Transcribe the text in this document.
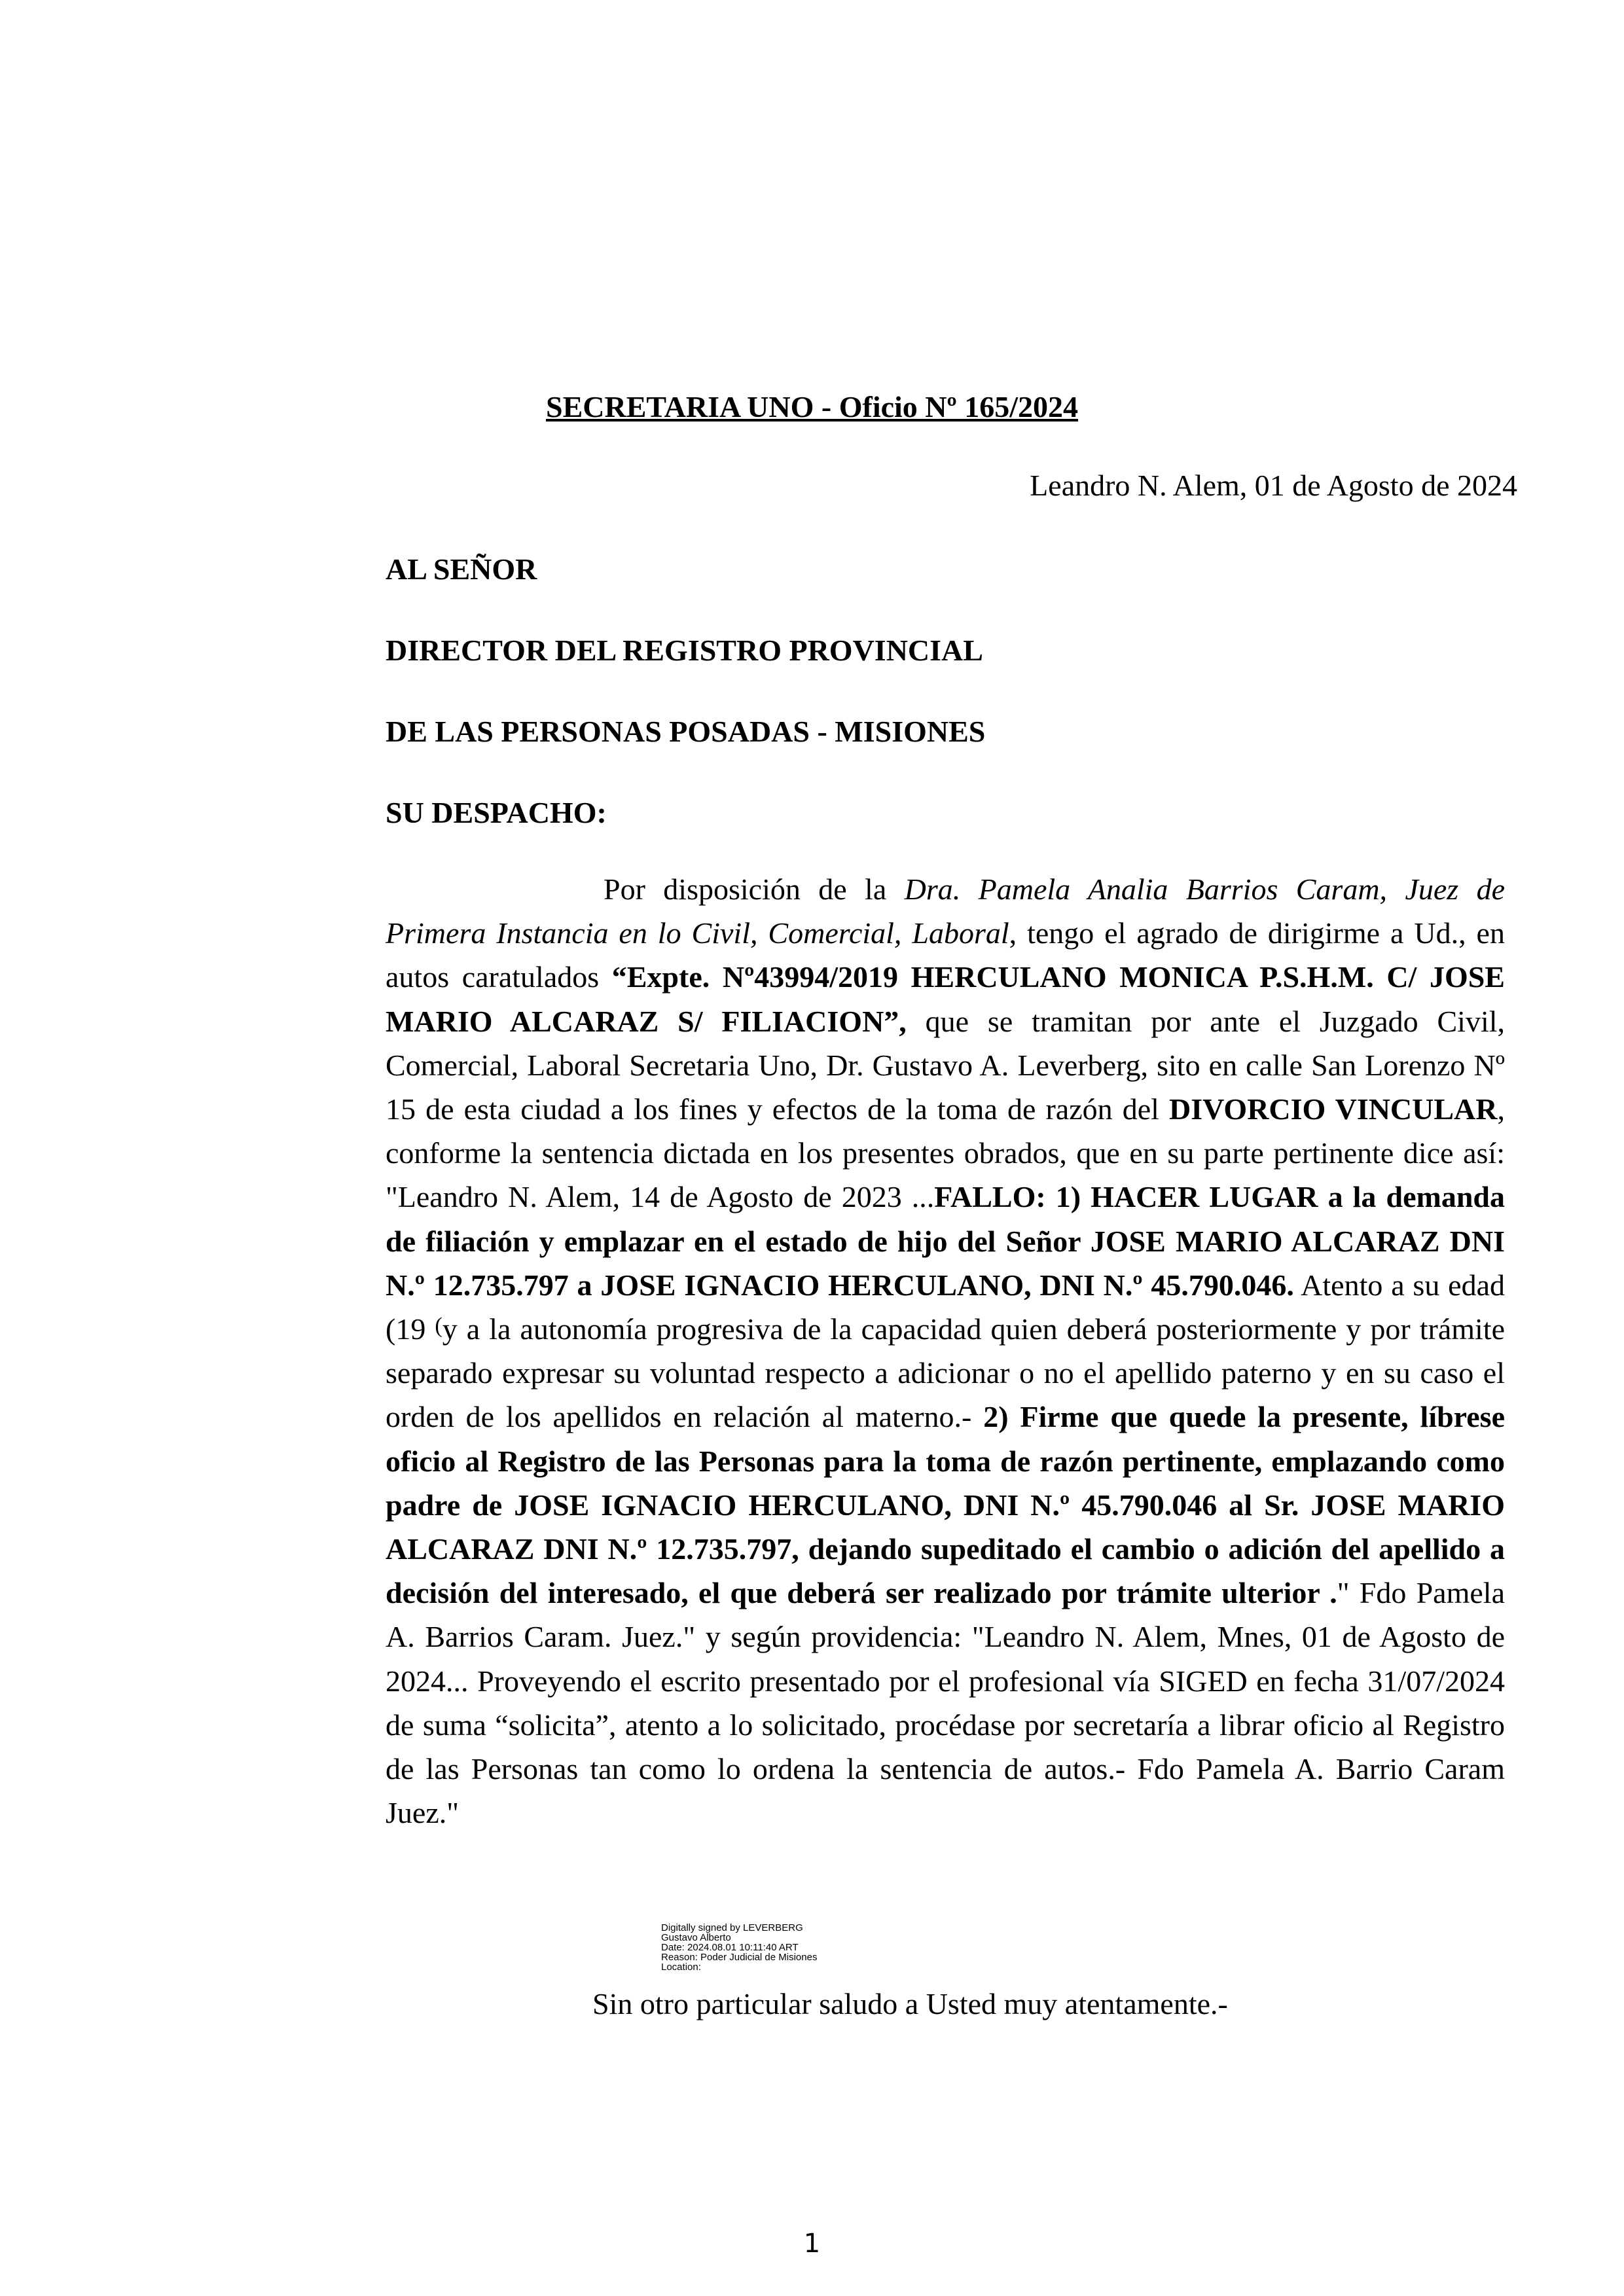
SECRETARIA UNO - Oficio Nº 165/2024

Leandro N. Alem, 01 de Agosto de 2024

AL SEÑOR

DIRECTOR DEL REGISTRO PROVINCIAL

DE LAS PERSONAS POSADAS - MISIONES

SU DESPACHO:

Por disposición de la Dra. Pamela Analia Barrios Caram, Juez de Primera Instancia en lo Civil, Comercial, Laboral, tengo el agrado de dirigirme a Ud., en autos caratulados “Expte. Nº43994/2019 HERCULANO MONICA P.S.H.M. C/ JOSE MARIO ALCARAZ S/ FILIACION”, que se tramitan por ante el Juzgado Civil, Comercial, Laboral Secretaria Uno, Dr. Gustavo A. Leverberg, sito en calle San Lorenzo Nº 15 de esta ciudad a los fines y efectos de la toma de razón del DIVORCIO VINCULAR, conforme la sentencia dictada en los presentes obrados, que en su parte pertinente dice así: "Leandro N. Alem, 14 de Agosto de 2023 ...FALLO: 1) HACER LUGAR a la demanda de filiación y emplazar en el estado de hijo del Señor JOSE MARIO ALCARAZ DNI N.º 12.735.797 a JOSE IGNACIO HERCULANO, DNI N.º 45.790.046. Atento a su edad (19 (y a la autonomía progresiva de la capacidad quien deberá posteriormente y por trámite separado expresar su voluntad respecto a adicionar o no el apellido paterno y en su caso el orden de los apellidos en relación al materno.- 2) Firme que quede la presente, líbrese oficio al Registro de las Personas para la toma de razón pertinente, emplazando como padre de JOSE IGNACIO HERCULANO, DNI N.º 45.790.046 al Sr. JOSE MARIO ALCARAZ DNI N.º 12.735.797, dejando supeditado el cambio o adición del apellido a decisión del interesado, el que deberá ser realizado por trámite ulterior ." Fdo Pamela A. Barrios Caram. Juez." y según providencia: "Leandro N. Alem, Mnes, 01 de Agosto de 2024... Proveyendo el escrito presentado por el profesional vía SIGED en fecha 31/07/2024 de suma “solicita”, atento a lo solicitado, procédase por secretaría a librar oficio al Registro de las Personas tan como lo ordena la sentencia de autos.- Fdo Pamela A. Barrio Caram Juez."

Digitally signed by LEVERBERG
Gustavo Alberto
Date: 2024.08.01 10:11:40 ART
Reason: Poder Judicial de Misiones
Location:

Sin otro particular saludo a Usted muy atentamente.-

1
